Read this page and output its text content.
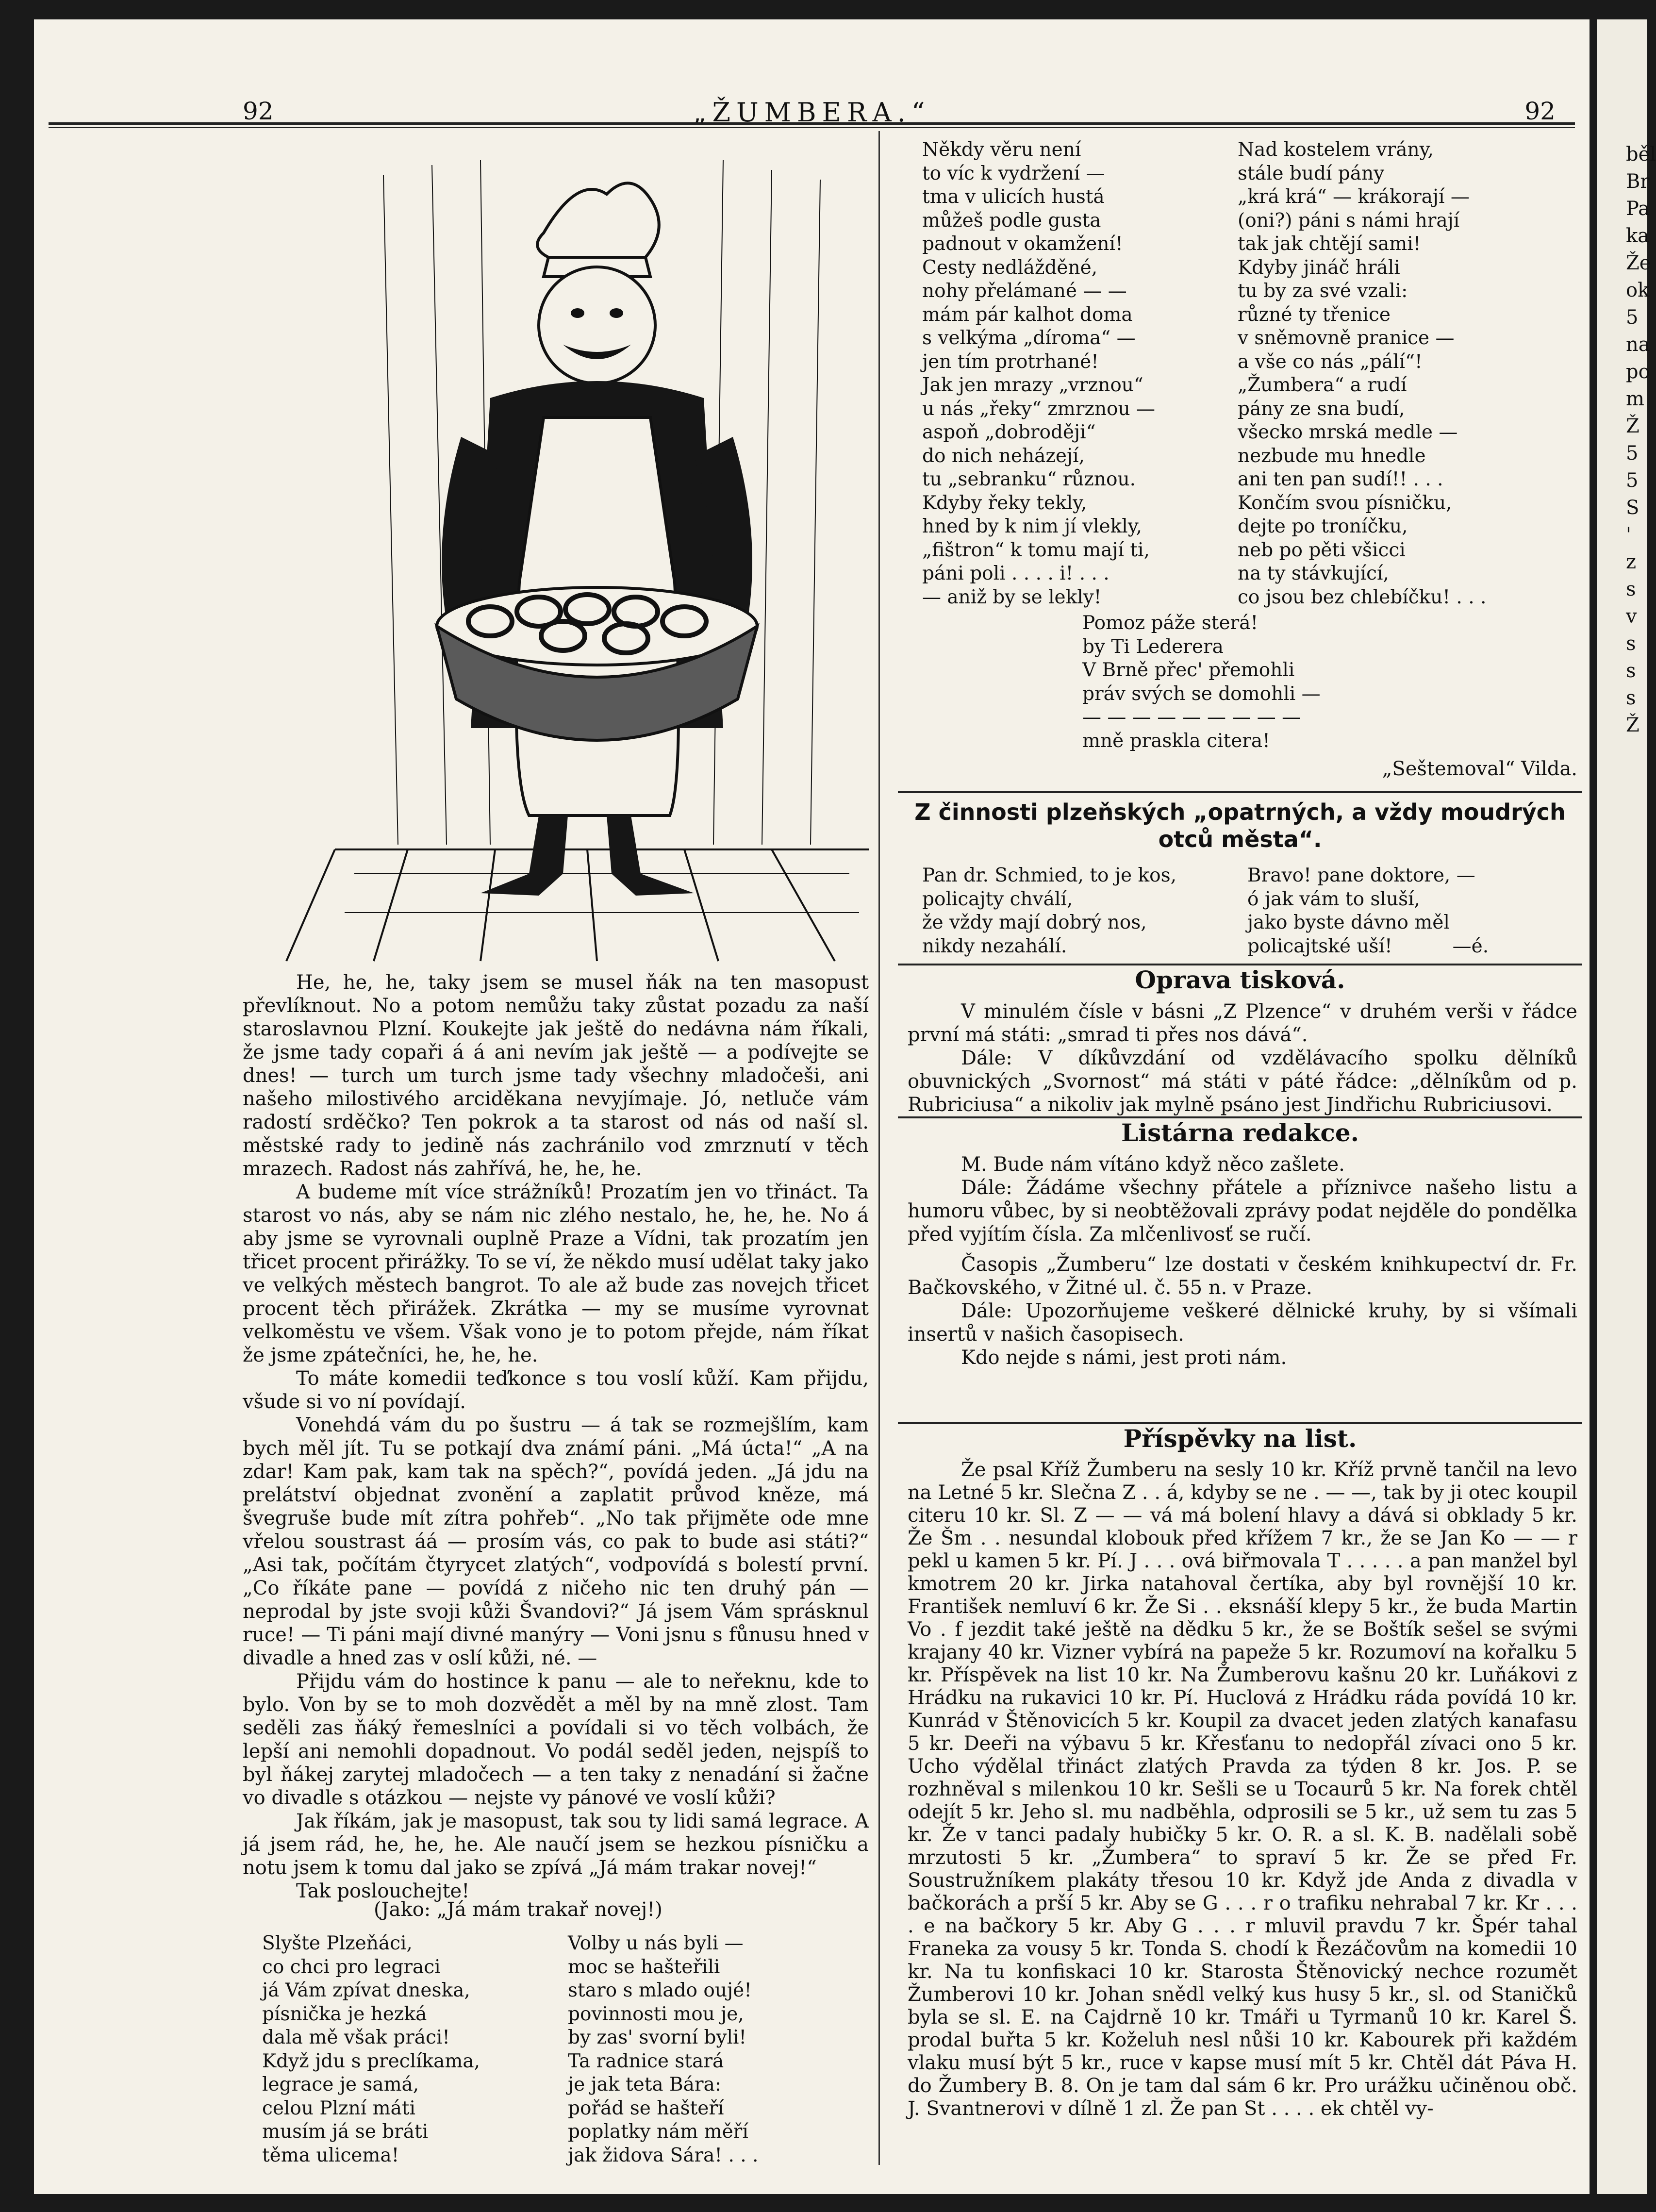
92	„ŽUMBERA.“	92

He, he, he, taky jsem se musel ňák na ten masopust převlíknout. No a potom nemůžu taky zůstat pozadu za naší staroslavnou Plzní. Koukejte jak ještě do nedávna nám říkali, že jsme tady copaři á á ani nevím jak ještě — a podívejte se dnes! — turch um turch jsme tady všechny mladočeši, ani našeho milostivého arciděkana nevyjímaje. Jó, netluče vám radostí srděčko? Ten pokrok a ta starost od nás od naší sl. městské rady to jedině nás zachránilo vod zmrznutí v těch mrazech. Radost nás zahřívá, he, he, he.

A budeme mít více strážníků! Prozatím jen vo třináct. Ta starost vo nás, aby se nám nic zlého nestalo, he, he, he. No á aby jsme se vyrovnali ouplně Praze a Vídni, tak prozatím jen třicet procent přirážky. To se ví, že někdo musí udělat taky jako ve velkých městech bangrot. To ale až bude zas novejch třicet procent těch přirážek. Zkrátka — my se musíme vyrovnat velkoměstu ve všem. Však vono je to potom přejde, nám říkat že jsme zpátečníci, he, he, he.

To máte komedii teďkonce s tou voslí kůží. Kam přijdu, všude si vo ní povídají.

Vonehdá vám du po šustru — á tak se rozmejšlím, kam bych měl jít. Tu se potkají dva známí páni. „Má úcta!“ „A na zdar! Kam pak, kam tak na spěch?“, povídá jeden. „Já jdu na prelátství objednat zvonění a zaplatit průvod kněze, má švegruše bude mít zítra pohřeb“. „No tak přijměte ode mne vřelou soustrast áá — prosím vás, co pak to bude asi státi?“ „Asi tak, počítám čtyrycet zlatých“, vodpovídá s bolestí první. „Co říkáte pane — povídá z ničeho nic ten druhý pán — neprodal by jste svoji kůži Švandovi?“ Já jsem Vám sprásknul ruce! — Ti páni mají divné manýry — Voni jsnu s fůnusu hned v divadle a hned zas v oslí kůži, né. —

Přijdu vám do hostince k panu — ale to neřeknu, kde to bylo. Von by se to moh dozvědět a měl by na mně zlost. Tam seděli zas ňáký řemeslníci a povídali si vo těch volbách, že lepší ani nemohli dopadnout. Vo podál seděl jeden, nejspíš to byl ňákej zarytej mladočech — a ten taky z nenadání si žačne vo divadle s otázkou — nejste vy pánové ve voslí kůži?

Jak říkám, jak je masopust, tak sou ty lidi samá legrace. A já jsem rád, he, he, he. Ale naučí jsem se hezkou písničku a notu jsem k tomu dal jako se zpívá „Já mám trakar novej!“

Tak poslouchejte!

(Jako: „Já mám trakař novej!)
Slyšte Plzeňáci,
co chci pro legraci
já Vám zpívat dneska,
písnička je hezká
dala mě však práci!
Když jdu s preclíkama,
legrace je samá,
celou Plzní máti
musím já se bráti
těma ulicema!
Volby u nás byli —
moc se hašteřili
staro s mlado oujé!
povinnosti mou je,
by zas' svorní byli!
Ta radnice stará
je jak teta Bára:
pořád se hašteří
poplatky nám měří
jak židova Sára! . . .
Někdy věru není
to víc k vydržení —
tma v ulicích hustá
můžeš podle gusta
padnout v okamžení!
Cesty nedlážděné,
nohy přelámané — —
mám pár kalhot doma
s velkýma „díroma“ —
jen tím protrhané!
Jak jen mrazy „vrznou“
u nás „řeky“ zmrznou —
aspoň „dobroději“
do nich neházejí,
tu „sebranku“ různou.
Kdyby řeky tekly,
hned by k nim jí vlekly,
„fištron“ k tomu mají ti,
páni poli . . . . i! . . .
— aniž by se lekly!
Nad kostelem vrány,
stále budí pány
„krá krá“ — krákorají —
(oni?) páni s námi hrají
tak jak chtějí sami!
Kdyby jináč hráli
tu by za své vzali:
různé ty třenice
v sněmovně pranice —
a vše co nás „pálí“!
„Žumbera“ a rudí
pány ze sna budí,
všecko mrská medle —
nezbude mu hnedle
ani ten pan sudí!! . . .
Končím svou písničku,
dejte po troníčku,
neb po pěti všicci
na ty stávkující,
co jsou bez chlebíčku! . . .
Pomoz páže sterá!
by Ti Lederera
V Brně přec' přemohli
práv svých se domohli —
— — — — — — — — —
mně praskla citera!
„Seštemoval“ Vilda.
Z činnosti plzeňských „opatrných, a vždy moudrých otců města“.
Pan dr. Schmied, to je kos,
policajty chválí,
že vždy mají dobrý nos,
nikdy nezahálí.
Bravo! pane doktore, —
ó jak vám to sluší,
jako byste dávno měl
policajtské uší!          —é.
Oprava tisková.

V minulém čísle v básni „Z Plzence“ v druhém verši v řádce první má státi: „smrad ti přes nos dává“.

Dále: V díkůvzdání od vzdělávacího spolku dělníků obuvnických „Svornost“ má státi v páté řádce: „dělníkům od p. Rubriciusa“ a nikoliv jak mylně psáno jest Jindřichu Rubriciusovi.

Listárna redakce.

M. Bude nám vítáno když něco zašlete.

Dále: Žádáme všechny přátele a příznivce našeho listu a humoru vůbec, by si neobtěžovali zprávy podat nejděle do pondělka před vyjítím čísla. Za mlčenlivosť se ručí.

Časopis „Žumberu“ lze dostati v českém knihkupectví dr. Fr. Bačkovského, v Žitné ul. č. 55 n. v Praze.

Dále: Upozorňujeme veškeré dělnické kruhy, by si všímali insertů v našich časopisech.

Kdo nejde s námi, jest proti nám.

Příspěvky na list.

Že psal Kříž Žumberu na sesly 10 kr. Kříž prvně tančil na levo na Letné 5 kr. Slečna Z . . á, kdyby se ne . — —, tak by ji otec koupil citeru 10 kr. Sl. Z — — vá má bolení hlavy a dává si obklady 5 kr. Že Šm . . nesundal klobouk před křížem 7 kr., že se Jan Ko — — r pekl u kamen 5 kr. Pí. J . . . ová biřmovala T . . . . . a pan manžel byl kmotrem 20 kr. Jirka natahoval čertíka, aby byl rovnější 10 kr. František nemluví 6 kr. Že Si . . eksnáší klepy 5 kr., že buda Martin Vo . f jezdit také ještě na dědku 5 kr., že se Boštík sešel se svými krajany 40 kr. Vizner vybírá na papeže 5 kr. Rozumoví na kořalku 5 kr. Příspěvek na list 10 kr. Na Žumberovu kašnu 20 kr. Luňákovi z Hrádku na rukavici 10 kr. Pí. Huclová z Hrádku ráda povídá 10 kr. Kunrád v Štěnovicích 5 kr. Koupil za dvacet jeden zlatých kanafasu 5 kr. Deeři na výbavu 5 kr. Křesťanu to nedopřál zívaci ono 5 kr. Ucho výdělal třináct zlatých Pravda za týden 8 kr. Jos. P. se rozhněval s milenkou 10 kr. Sešli se u Tocaurů 5 kr. Na forek chtěl odejít 5 kr. Jeho sl. mu nadběhla, odprosili se 5 kr., už sem tu zas 5 kr. Že v tanci padaly hubičky 5 kr. O. R. a sl. K. B. nadělali sobě mrzutosti 5 kr. „Žumbera“ to spraví 5 kr. Že se před Fr. Soustružníkem plakáty třesou 10 kr. Když jde Anda z divadla v bačkorách a prší 5 kr. Aby se G . . . r o trafiku nehrabal 7 kr. Kr . . . . e na bačkory 5 kr. Aby G . . . r mluvil pravdu 7 kr. Špér tahal Franeka za vousy 5 kr. Tonda S. chodí k Řezáčovům na komedii 10 kr. Na tu konfiskaci 10 kr. Starosta Štěnovický nechce rozumět Žumberovi 10 kr. Johan snědl velký kus husy 5 kr., sl. od Staničků byla se sl. E. na Cajdrně 10 kr. Tmáři u Tyrmanů 10 kr. Karel Š. prodal buřta 5 kr. Koželuh nesl nůši 10 kr. Kabourek při každém vlaku musí být 5 kr., ruce v kapse musí mít 5 kr. Chtěl dát Páva H. do Žumbery B. 8. On je tam dal sám 6 kr. Pro urážku učiněnou obč. J. Svantnerovi v dílně 1 zl. Že pan St . . . . ek chtěl vy-

běl
Br
Pa
ka
Že
ok
5
na
po
m
Ž
5
5
S
'
z
s
v
s
s
s
Ž
